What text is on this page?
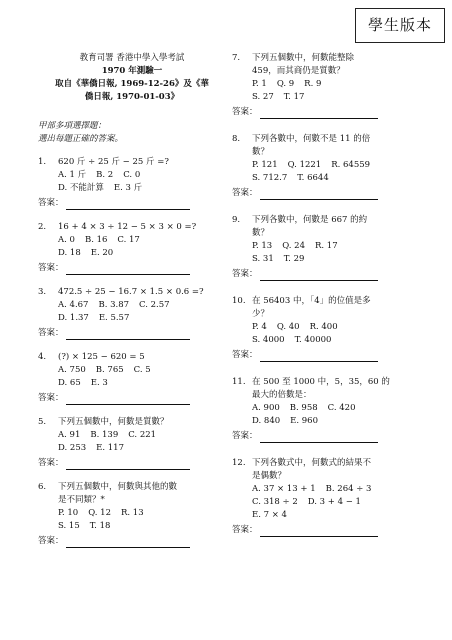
學生版本
教育司署 香港中學入學考試
1970 年測驗一
取自《華僑日報, 1969-12-26》及《華
僑日報, 1970-01-03》
甲部多項選擇題：
選出每題正確的答案。
1.	620 斤 ÷ 25 斤 − 25 斤 =?
A. 1 斤 B. 2 C. 0
D. 不能計算 E. 3 斤
答案：
2.	16 + 4 × 3 ÷ 12 − 5 × 3 × 0 =?
A. 0 B. 16 C. 17
D. 18 E. 20
答案：
3.	472.5 ÷ 25 − 16.7 × 1.5 × 0.6 =?
A. 4.67 B. 3.87 C. 2.57
D. 1.37 E. 5.57
答案：
4.	(?) × 125 − 620 = 5
A. 750 B. 765 C. 5
D. 65 E. 3
答案：
5.	下列五個數中，何數是質數？
A. 91 B. 139 C. 221
D. 253 E. 117
答案：
6.	下列五個數中，何數與其他的數
是不同類？*
P. 10 Q. 12 R. 13
S. 15 T. 18
答案：
7.	下列五個數中，何數能整除
459，而其商仍是質數？
P. 1 Q. 9 R. 9
S. 27 T. 17
答案：
8.	下列各數中，何數不是 11 的倍
數？
P. 121 Q. 1221 R. 64559
S. 712.7 T. 6644
答案：
9.	下列各數中，何數是 667 的約
數？
P. 13 Q. 24 R. 17
S. 31 T. 29
答案：
10. 在 56403 中，「4」的位值是多
少？
P. 4 Q. 40 R. 400
S. 4000 T. 40000
答案：
11. 在 500 至 1000 中，5，35，60 的
最大的倍數是：
A. 900 B. 958 C. 420
D. 840 E. 960
答案：
12. 下列各數式中，何數式的結果不
是偶數？
A. 37 × 13 + 1 B. 264 ÷ 3
C. 318 ÷ 2 D. 3 + 4 − 1
E. 7 × 4
答案：
